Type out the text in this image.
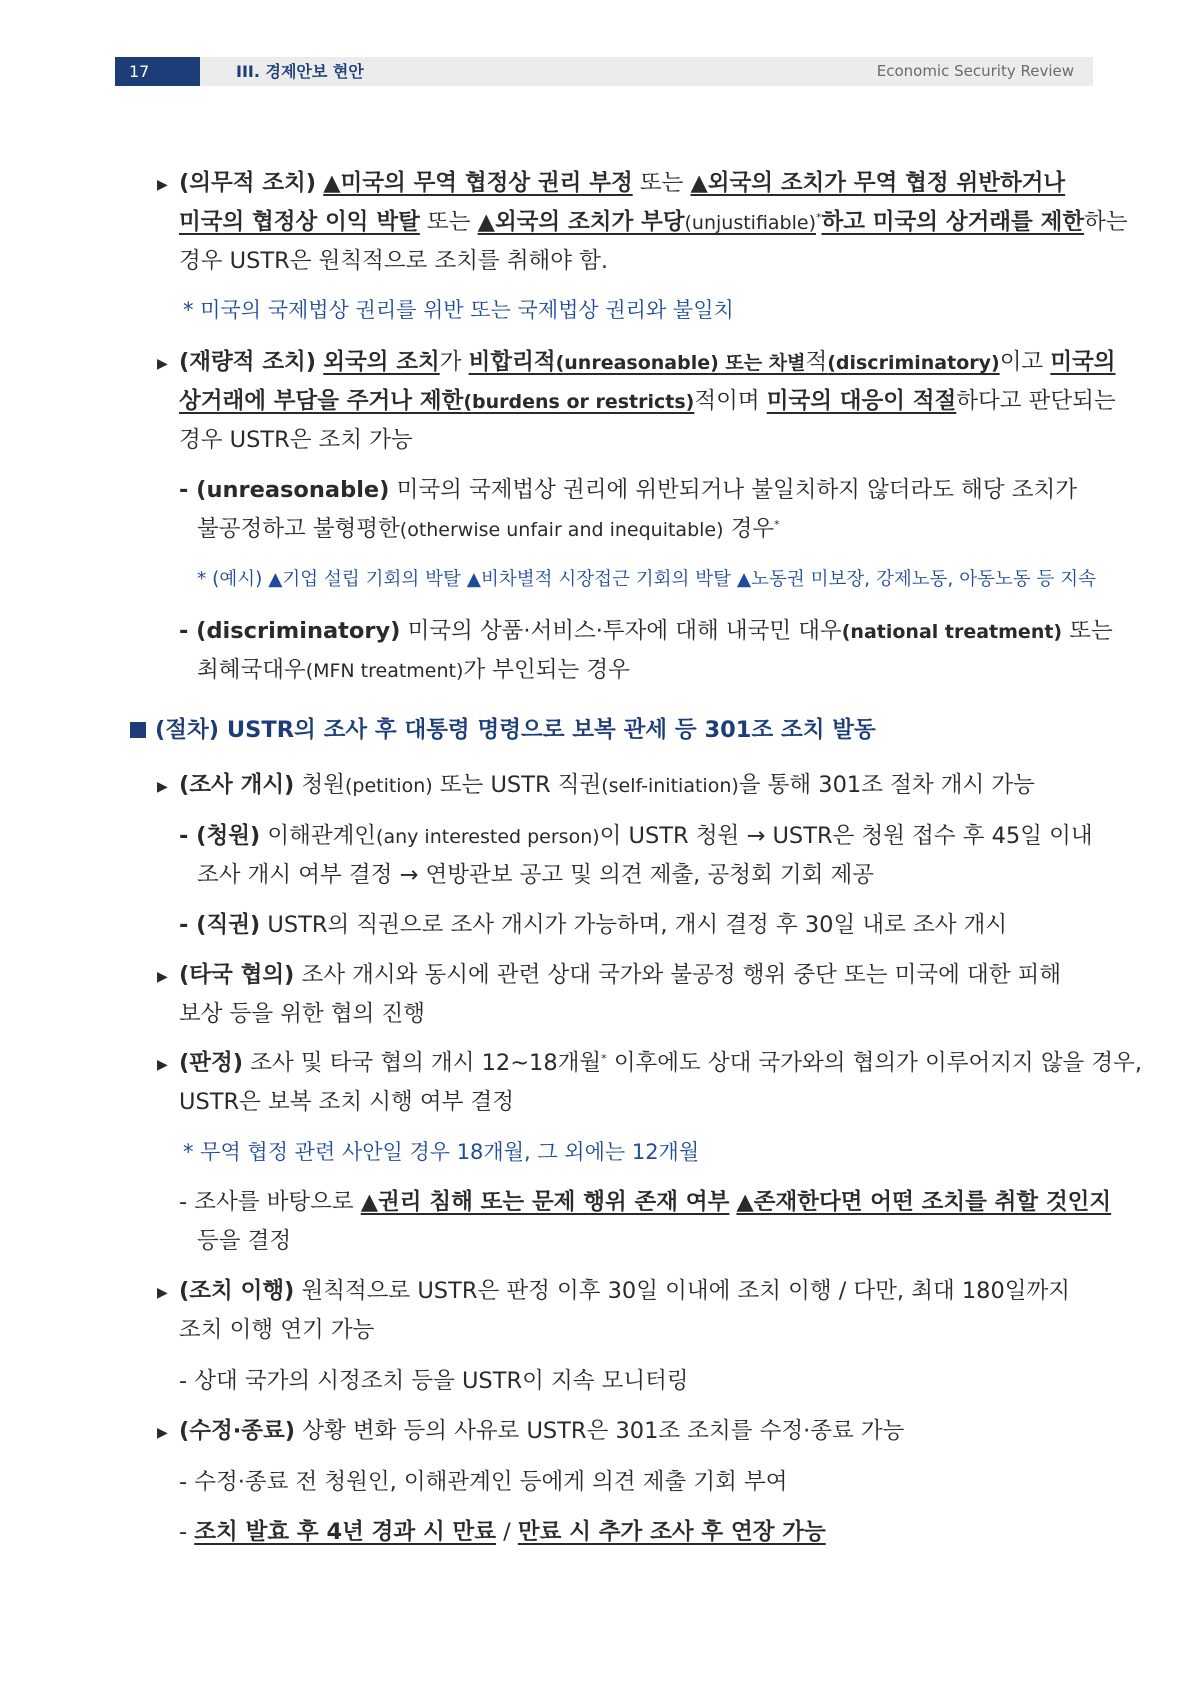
17	III. 경제안보 현안	Economic Security Review
▶ (의무적 조치) ▲미국의 무역 협정상 권리 부정 또는 ▲외국의 조치가 무역 협정 위반하거나
미국의 협정상 이익 박탈 또는 ▲외국의 조치가 부당(unjustifiable)*하고 미국의 상거래를 제한하는
경우 USTR은 원칙적으로 조치를 취해야 함.
* 미국의 국제법상 권리를 위반 또는 국제법상 권리와 불일치
▶ (재량적 조치) 외국의 조치가 비합리적(unreasonable) 또는 차별적(discriminatory)이고 미국의
상거래에 부담을 주거나 제한(burdens or restricts)적이며 미국의 대응이 적절하다고 판단되는
경우 USTR은 조치 가능
- (unreasonable) 미국의 국제법상 권리에 위반되거나 불일치하지 않더라도 해당 조치가
불공정하고 불형평한(otherwise unfair and inequitable) 경우*
* (예시) ▲기업 설립 기회의 박탈 ▲비차별적 시장접근 기회의 박탈 ▲노동권 미보장, 강제노동, 아동노동 등 지속
- (discriminatory) 미국의 상품·서비스·투자에 대해 내국민 대우(national treatment) 또는
최혜국대우(MFN treatment)가 부인되는 경우
(절차) USTR의 조사 후 대통령 명령으로 보복 관세 등 301조 조치 발동
▶ (조사 개시) 청원(petition) 또는 USTR 직권(self-initiation)을 통해 301조 절차 개시 가능
- (청원) 이해관계인(any interested person)이 USTR 청원 → USTR은 청원 접수 후 45일 이내
조사 개시 여부 결정 → 연방관보 공고 및 의견 제출, 공청회 기회 제공
- (직권) USTR의 직권으로 조사 개시가 가능하며, 개시 결정 후 30일 내로 조사 개시
▶ (타국 협의) 조사 개시와 동시에 관련 상대 국가와 불공정 행위 중단 또는 미국에 대한 피해
보상 등을 위한 협의 진행
▶ (판정) 조사 및 타국 협의 개시 12~18개월* 이후에도 상대 국가와의 협의가 이루어지지 않을 경우,
USTR은 보복 조치 시행 여부 결정
* 무역 협정 관련 사안일 경우 18개월, 그 외에는 12개월
- 조사를 바탕으로 ▲권리 침해 또는 문제 행위 존재 여부 ▲존재한다면 어떤 조치를 취할 것인지
등을 결정
▶ (조치 이행) 원칙적으로 USTR은 판정 이후 30일 이내에 조치 이행 / 다만, 최대 180일까지
조치 이행 연기 가능
- 상대 국가의 시정조치 등을 USTR이 지속 모니터링
▶ (수정·종료) 상황 변화 등의 사유로 USTR은 301조 조치를 수정·종료 가능
- 수정·종료 전 청원인, 이해관계인 등에게 의견 제출 기회 부여
- 조치 발효 후 4년 경과 시 만료 / 만료 시 추가 조사 후 연장 가능
